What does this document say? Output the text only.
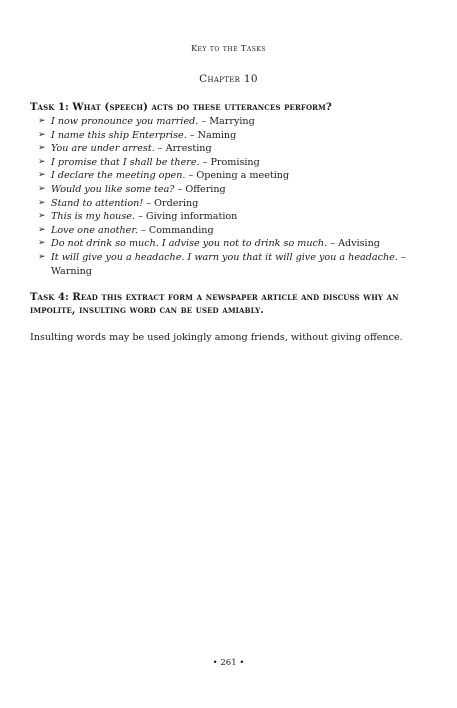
Key to the Tasks
Chapter 10
Task 1: What (speech) acts do these utterances perform?
➢ I now pronounce you married. – Marrying
➢ I name this ship Enterprise. – Naming
➢ You are under arrest. – Arresting
➢ I promise that I shall be there. – Promising
➢ I declare the meeting open. – Opening a meeting
➢ Would you like some tea? – Offering
➢ Stand to attention! – Ordering
➢ This is my house. – Giving information
➢ Love one another. – Commanding
➢ Do not drink so much. I advise you not to drink so much. – Advising
➢ It will give you a headache. I warn you that it will give you a headache. – Warning
Task 4: Read this extract form a newspaper article and discuss why an impolite, insulting word can be used amiably.
Insulting words may be used jokingly among friends, without giving offence.
• 261 •
